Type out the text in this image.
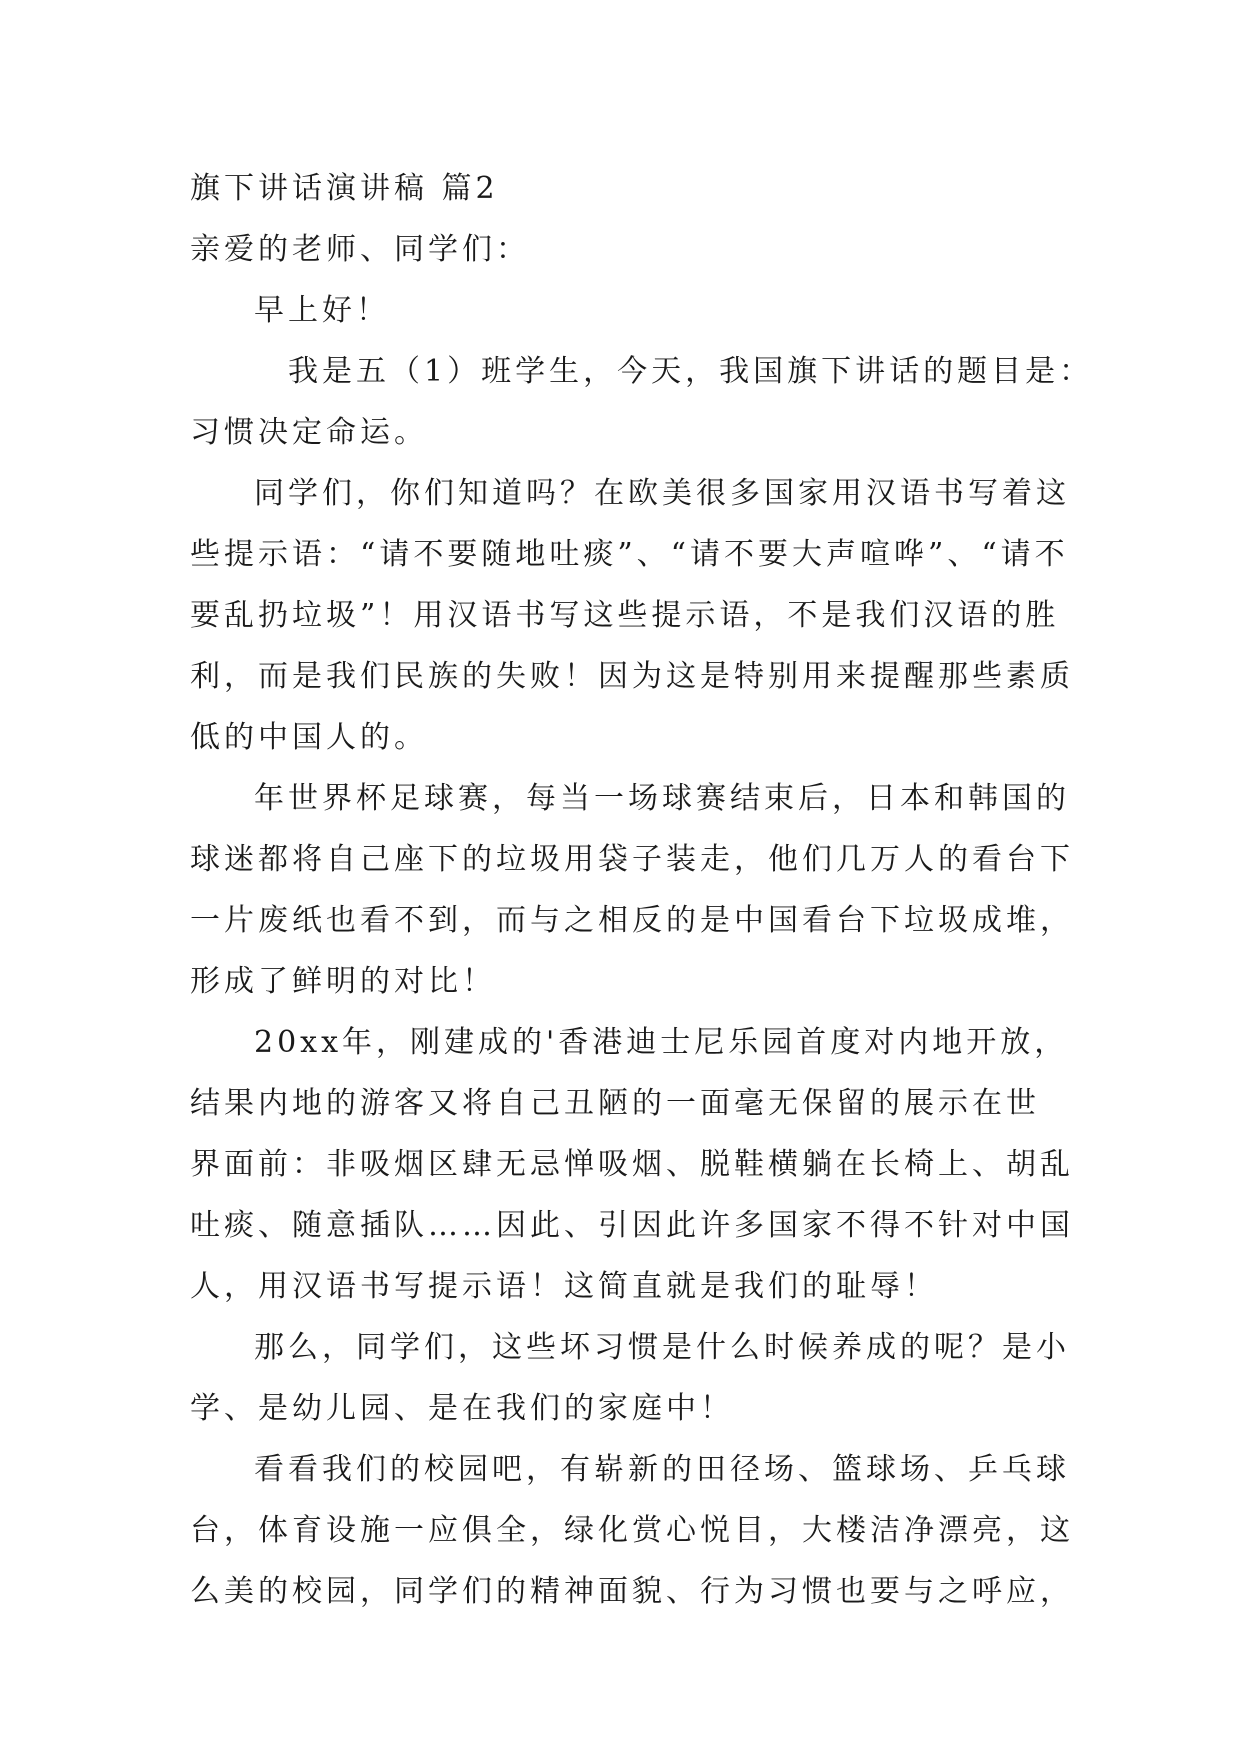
旗下讲话演讲稿 篇2
亲爱的老师、同学们：
早上好！
我是五（1）班学生，今天，我国旗下讲话的题目是：
习惯决定命运。
同学们，你们知道吗？在欧美很多国家用汉语书写着这
些提示语：“请不要随地吐痰”、“请不要大声喧哗”、“请不
要乱扔垃圾”！用汉语书写这些提示语，不是我们汉语的胜
利，而是我们民族的失败！因为这是特别用来提醒那些素质
低的中国人的。
年世界杯足球赛，每当一场球赛结束后，日本和韩国的
球迷都将自己座下的垃圾用袋子装走，他们几万人的看台下
一片废纸也看不到，而与之相反的是中国看台下垃圾成堆，
形成了鲜明的对比！
20xx年，刚建成的'香港迪士尼乐园首度对内地开放，
结果内地的游客又将自己丑陋的一面毫无保留的展示在世
界面前：非吸烟区肆无忌惮吸烟、脱鞋横躺在长椅上、胡乱
吐痰、随意插队……因此、引因此许多国家不得不针对中国
人，用汉语书写提示语！这简直就是我们的耻辱！
那么，同学们，这些坏习惯是什么时候养成的呢？是小
学、是幼儿园、是在我们的家庭中！
看看我们的校园吧，有崭新的田径场、篮球场、乒乓球
台，体育设施一应俱全，绿化赏心悦目，大楼洁净漂亮，这
么美的校园，同学们的精神面貌、行为习惯也要与之呼应，
